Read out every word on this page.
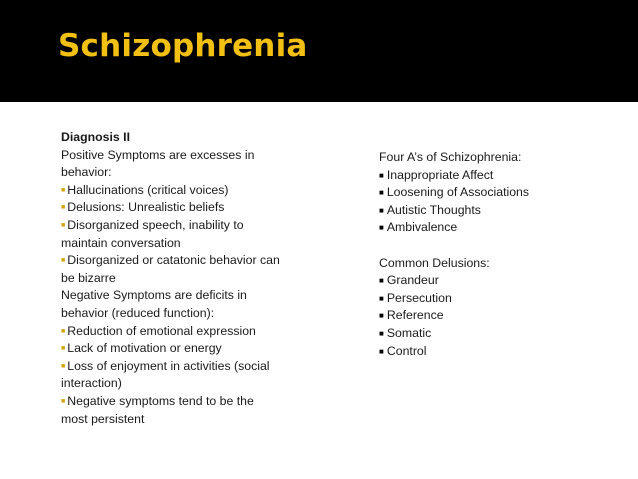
Schizophrenia
Diagnosis II
Positive Symptoms are excesses in
behavior:
■ Hallucinations (critical voices)
■ Delusions: Unrealistic beliefs
■ Disorganized speech, inability to
maintain conversation
■ Disorganized or catatonic behavior can
be bizarre
Negative Symptoms are deficits in
behavior (reduced function):
■ Reduction of emotional expression
■ Lack of motivation or energy
■ Loss of enjoyment in activities (social
interaction)
■ Negative symptoms tend to be the
most persistent
Four A’s of Schizophrenia:
■ Inappropriate Affect
■ Loosening of Associations
■ Autistic Thoughts
■ Ambivalence
Common Delusions:
■ Grandeur
■ Persecution
■ Reference
■ Somatic
■ Control
